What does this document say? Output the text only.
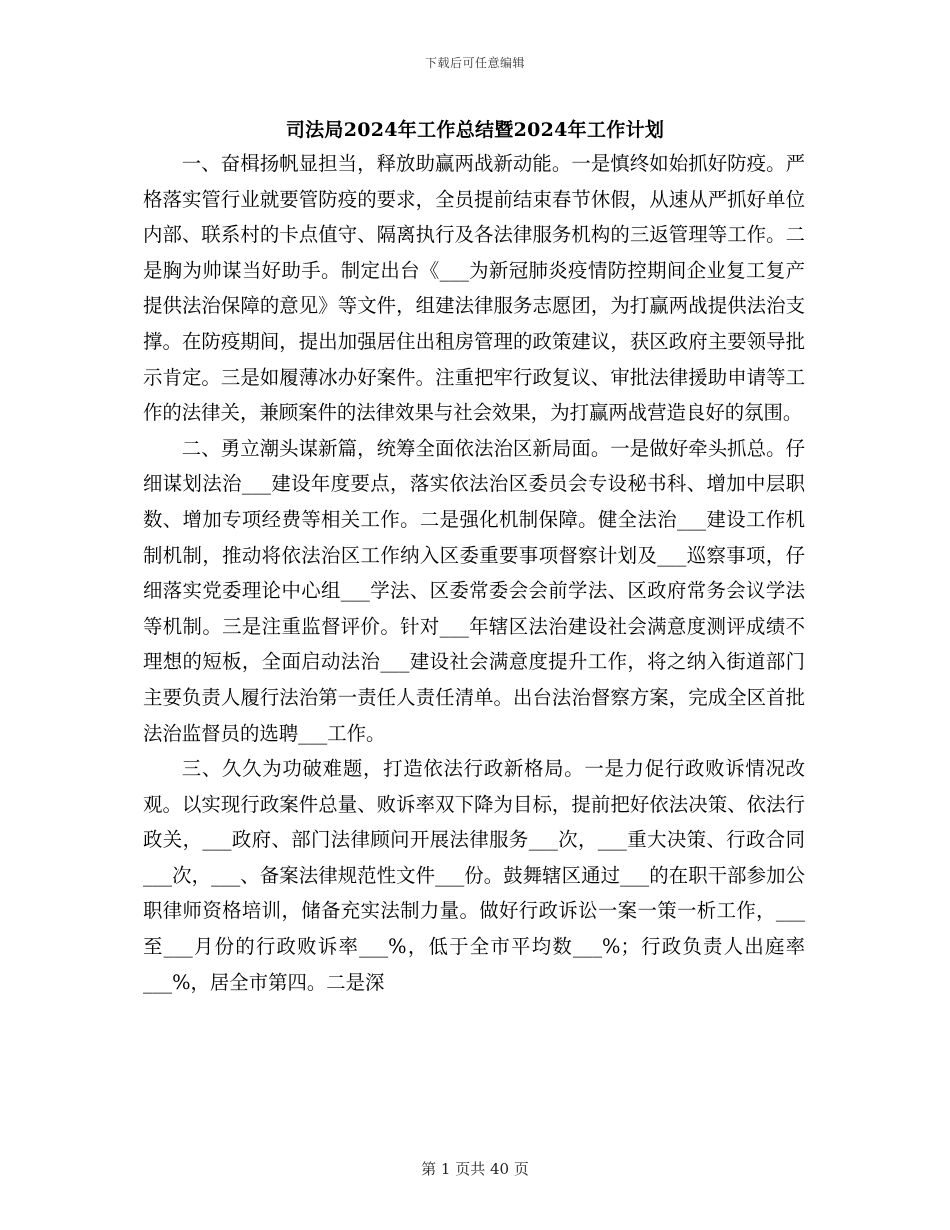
下载后可任意编辑
司法局2024年工作总结暨2024年工作计划

一、奋楫扬帆显担当，释放助赢两战新动能。一是慎终如始抓好防疫。严格落实管行业就要管防疫的要求，全员提前结束春节休假，从速从严抓好单位内部、联系村的卡点值守、隔离执行及各法律服务机构的三返管理等工作。二是胸为帅谋当好助手。制定出台《___为新冠肺炎疫情防控期间企业复工复产提供法治保障的意见》等文件，组建法律服务志愿团，为打赢两战提供法治支撑。在防疫期间，提出加强居住出租房管理的政策建议，获区政府主要领导批示肯定。三是如履薄冰办好案件。注重把牢行政复议、审批法律援助申请等工作的法律关，兼顾案件的法律效果与社会效果，为打赢两战营造良好的氛围。

二、勇立潮头谋新篇，统筹全面依法治区新局面。一是做好牵头抓总。仔细谋划法治___建设年度要点，落实依法治区委员会专设秘书科、增加中层职数、增加专项经费等相关工作。二是强化机制保障。健全法治___建设工作机制机制，推动将依法治区工作纳入区委重要事项督察计划及___巡察事项，仔细落实党委理论中心组___学法、区委常委会会前学法、区政府常务会议学法等机制。三是注重监督评价。针对___年辖区法治建设社会满意度测评成绩不理想的短板，全面启动法治___建设社会满意度提升工作，将之纳入街道部门主要负责人履行法治第一责任人责任清单。出台法治督察方案，完成全区首批法治监督员的选聘___工作。

三、久久为功破难题，打造依法行政新格局。一是力促行政败诉情况改观。以实现行政案件总量、败诉率双下降为目标，提前把好依法决策、依法行政关，___政府、部门法律顾问开展法律服务___次，___重大决策、行政合同___次，___、备案法律规范性文件___份。鼓舞辖区通过___的在职干部参加公职律师资格培训，储备充实法制力量。做好行政诉讼一案一策一析工作，___至___月份的行政败诉率___%，低于全市平均数___%；行政负责人出庭率___%，居全市第四。二是深

第 1 页共 40 页
